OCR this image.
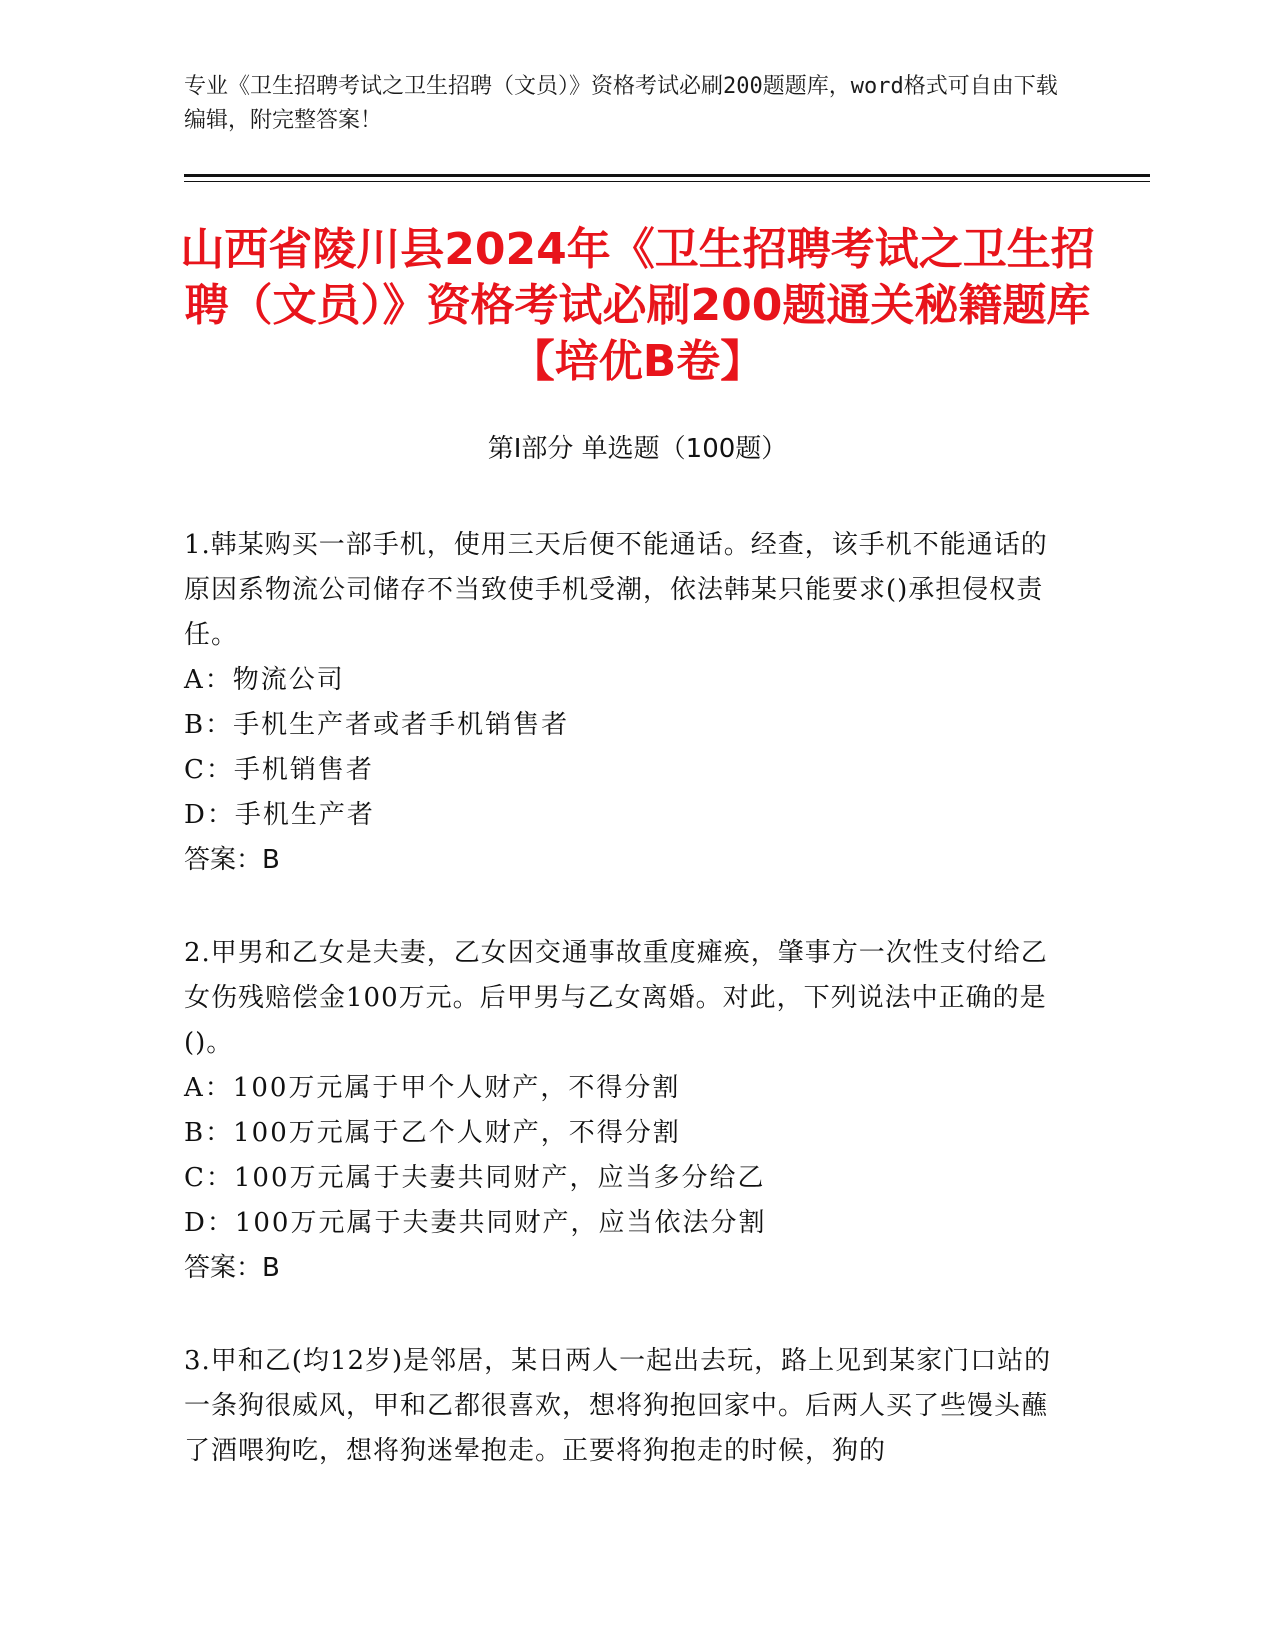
专业《卫生招聘考试之卫生招聘（文员）》资格考试必刷200题题库，word格式可自由下载编辑，附完整答案！
山西省陵川县2024年《卫生招聘考试之卫生招聘（文员）》资格考试必刷200题通关秘籍题库【培优B卷】
第I部分 单选题（100题）
1.韩某购买一部手机，使用三天后便不能通话。经查，该手机不能通话的原因系物流公司储存不当致使手机受潮，依法韩某只能要求()承担侵权责任。
A：物流公司
B：手机生产者或者手机销售者
C：手机销售者
D：手机生产者
答案：B
2.甲男和乙女是夫妻，乙女因交通事故重度瘫痪，肇事方一次性支付给乙女伤残赔偿金100万元。后甲男与乙女离婚。对此，下列说法中正确的是()。
A：100万元属于甲个人财产，不得分割
B：100万元属于乙个人财产，不得分割
C：100万元属于夫妻共同财产，应当多分给乙
D：100万元属于夫妻共同财产，应当依法分割
答案：B
3.甲和乙(均12岁)是邻居，某日两人一起出去玩，路上见到某家门口站的一条狗很威风，甲和乙都很喜欢，想将狗抱回家中。后两人买了些馒头蘸了酒喂狗吃，想将狗迷晕抱走。正要将狗抱走的时候，狗的
